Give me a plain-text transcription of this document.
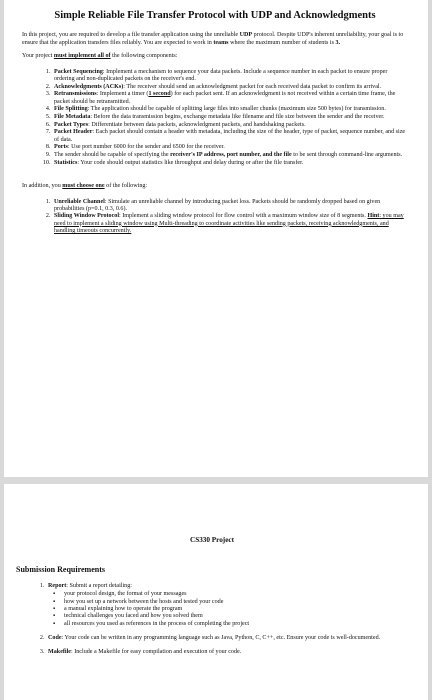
Simple Reliable File Transfer Protocol with UDP and Acknowledgments

In this project, you are required to develop a file transfer application using the unreliable UDP protocol. Despite UDP's inherent unreliability, your goal is to ensure that the application transfers files reliably. You are expected to work in teams where the maximum number of students is 3.

Your project must implement all of the following components:

1. Packet Sequencing: Implement a mechanism to sequence your data packets. Include a sequence number in each packet to ensure proper ordering and non-duplicated packets on the receiver's end.
2. Acknowledgments (ACKs): The receiver should send an acknowledgment packet for each received data packet to confirm its arrival.
3. Retransmissions: Implement a timer (1 second) for each packet sent. If an acknowledgment is not received within a certain time frame, the packet should be retransmitted.
4. File Splitting: The application should be capable of splitting large files into smaller chunks (maximum size 500 bytes) for transmission.
5. File Metadata: Before the data transmission begins, exchange metadata like filename and file size between the sender and the receiver.
6. Packet Types: Differentiate between data packets, acknowledgment packets, and handshaking packets.
7. Packet Header: Each packet should contain a header with metadata, including the size of the header, type of packet, sequence number, and size of data.
8. Ports: Use port number 6000 for the sender and 6500 for the receiver.
9. The sender should be capable of specifying the receiver's IP address, port number, and the file to be sent through command-line arguments.
10. Statistics: Your code should output statistics like throughput and delay during or after the file transfer.

In addition, you must choose one of the following:

1. Unreliable Channel: Simulate an unreliable channel by introducing packet loss. Packets should be randomly dropped based on given probabilities (p=0.1, 0.3, 0.6).
2. Sliding Window Protocol: Implement a sliding window protocol for flow control with a maximum window size of 8 segments. Hint: you may need to implement a sliding window using Multi-threading to coordinate activities like sending packets, receiving acknowledgments, and handling timeouts concurrently.
CS330 Project
Submission Requirements
1. Report: Submit a report detailing:
▪ your protocol design, the format of your messages
▪ how you set up a network between the hosts and tested your code
▪ a manual explaining how to operate the program
▪ technical challenges you faced and how you solved them
▪ all resources you used as references in the process of completing the project
2. Code: Your code can be written in any programming language such as Java, Python, C, C++, etc. Ensure your code is well-documented.
3. Makefile: Include a Makefile for easy compilation and execution of your code.
